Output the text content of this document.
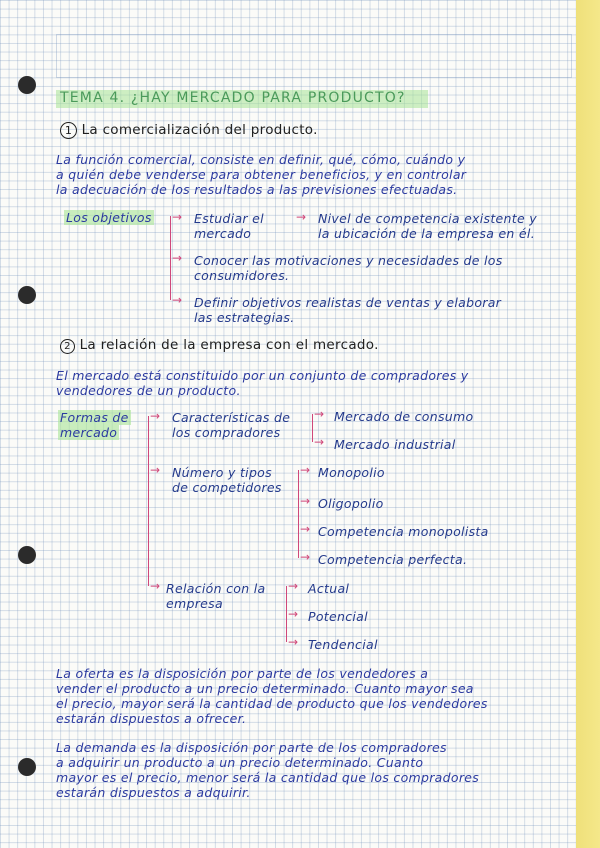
TEMA 4. ¿HAY MERCADO PARA PRODUCTO?
1 La comercialización del producto.
La función comercial, consiste en definir, qué, cómo, cuándo y
a quién debe venderse para obtener beneficios, y en controlar
la adecuación de los resultados a las previsiones efectuadas.
Los objetivos →
→
→
Estudiar el
mercado
→ Nivel de competencia existente y
la ubicación de la empresa en él.
Conocer las motivaciones y necesidades de los
consumidores.
Definir objetivos realistas de ventas y elaborar
las estrategias.
2 La relación de la empresa con el mercado.
El mercado está constituido por un conjunto de compradores y
vendedores de un producto.
Formas de
mercado
→
→
→
Características de
los compradores
→
→
Mercado de consumo
Mercado industrial
Número y tipos
de competidores
→
→
→
→
Monopolio
Oligopolio
Competencia monopolista
Competencia perfecta.
Relación con la
empresa
→
→
→
Actual
Potencial
Tendencial
La oferta es la disposición por parte de los vendedores a
vender el producto a un precio determinado. Cuanto mayor sea
el precio, mayor será la cantidad de producto que los vendedores
estarán dispuestos a ofrecer.
La demanda es la disposición por parte de los compradores
a adquirir un producto a un precio determinado. Cuanto
mayor es el precio, menor será la cantidad que los compradores
estarán dispuestos a adquirir.
